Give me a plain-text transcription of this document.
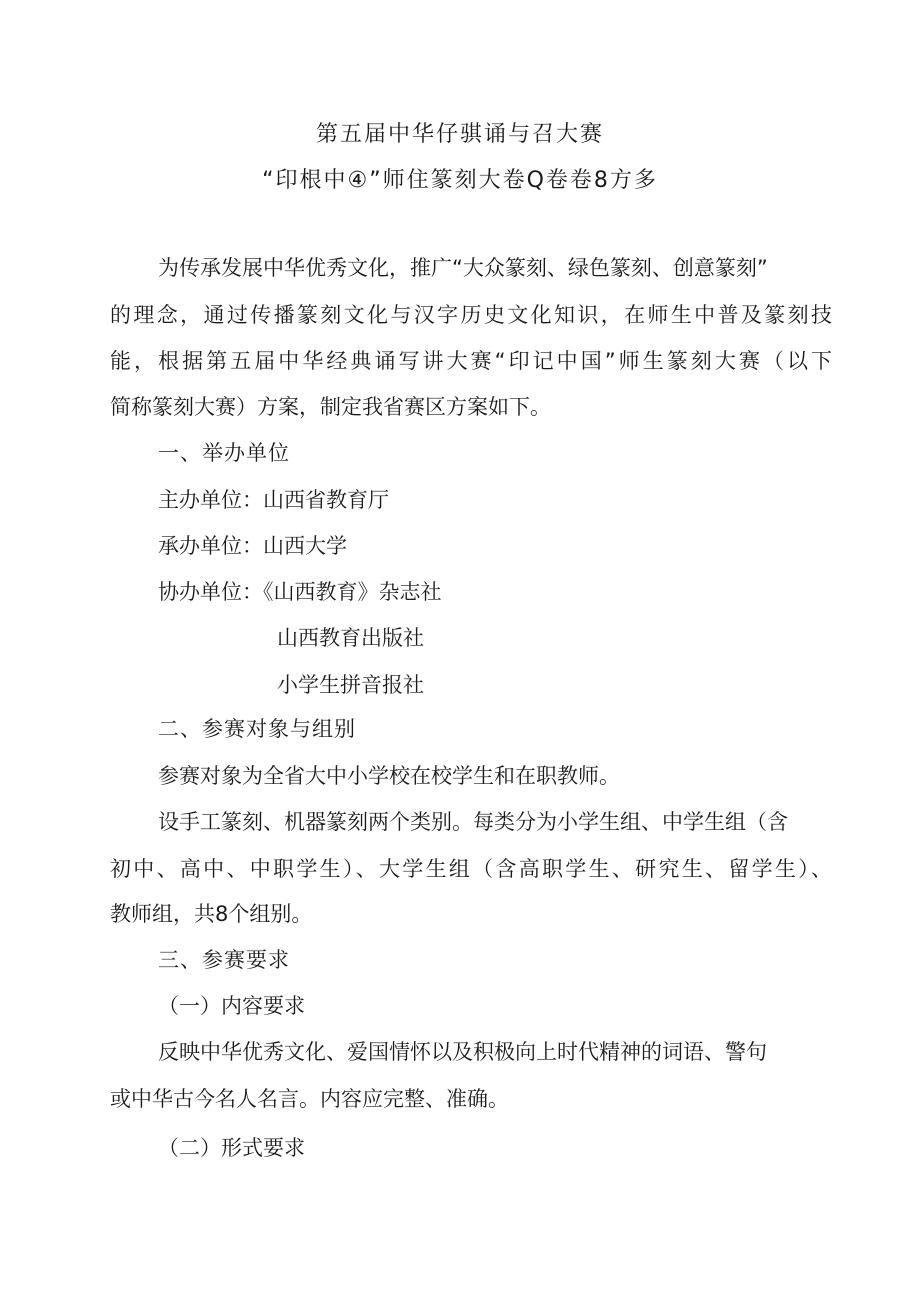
第五届中华仔骐诵与召大赛
“印根中④”师住篆刻大卷Q卷卷8方多
为传承发展中华优秀文化，推广“大众篆刻、绿色篆刻、创意篆刻”
的理念，通过传播篆刻文化与汉字历史文化知识，在师生中普及篆刻技
能，根据第五届中华经典诵写讲大赛“印记中国”师生篆刻大赛（以下
简称篆刻大赛）方案，制定我省赛区方案如下。
一、举办单位
主办单位：山西省教育厅
承办单位：山西大学
协办单位：《山西教育》杂志社
山西教育出版社
小学生拼音报社
二、参赛对象与组别
参赛对象为全省大中小学校在校学生和在职教师。
设手工篆刻、机器篆刻两个类别。每类分为小学生组、中学生组（含
初中、高中、中职学生）、大学生组（含高职学生、研究生、留学生）、
教师组，共8个组别。
三、参赛要求
（一）内容要求
反映中华优秀文化、爱国情怀以及积极向上时代精神的词语、警句
或中华古今名人名言。内容应完整、准确。
（二）形式要求
